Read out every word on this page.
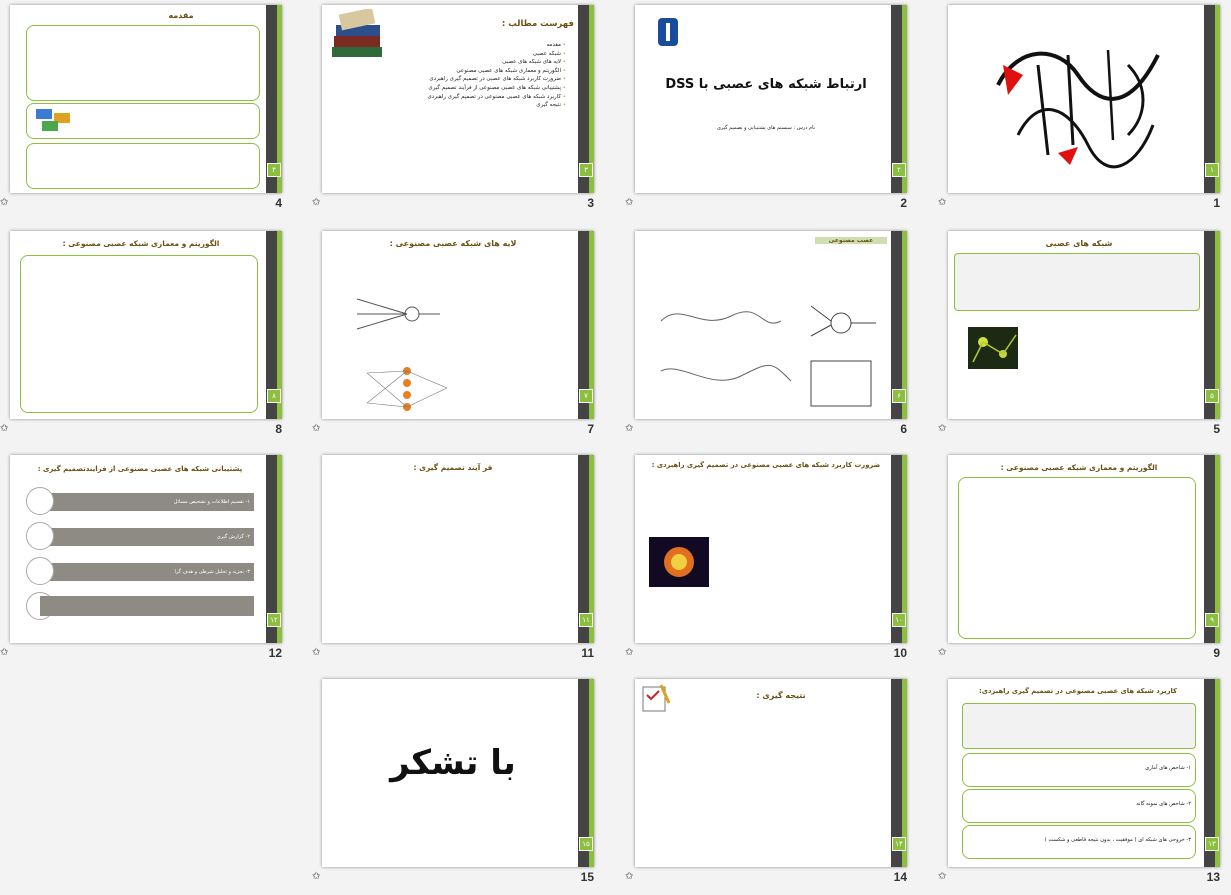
۱
✩	1
ارتباط شبکه های عصبی با DSS
نام درس : سیستم های پشتیبانی و تصمیم گیری
۲
✩	2
فهرست مطالب :
• مقدمه
• شبکه عصبی
• لایه های شبکه های عصبی
• الگوریتم و معماری شبکه های عصبی مصنوعی
• ضرورت کاربرد شبکه های عصبی در تصمیم گیری راهبردی
• پشتیبانی شبکه های عصبی مصنوعی از فرآیند تصمیم گیری
• کاربرد شبکه های عصبی مصنوعی در تصمیم گیری راهبردی
• نتیجه گیری
۳
✩	3
مقدمه
۴
✩	4
شبکه های عصبی
۵
✩	5
عصب مصنوعی
۶
✩	6
لایه های شبکه عصبی مصنوعی :
۷
✩	7
الگوریتم و معماری شبکه عصبی مصنوعی :
۸
✩	8
الگوریتم و معماری شبکه عصبی مصنوعی :
۹
✩	9
ضرورت کاربرد شبکه های عصبی مصنوعی در تصمیم گیری راهبردی :
۱۰
✩	10
فر آیند تصمیم گیری :
۱۱
✩	11
پشتیبانی شبکه های عصبی مصنوعی از فرایندتصمیم گیری :
۱- تقسیم اطلاعات و تشخیص مسائل
۲- گزارش گیری
۳- تجزیه و تحلیل شرطی و هدف گرا
۱۲
✩	12
کاربرد شبکه های عصبی مصنوعی در تصمیم گیری راهبردی:
۱- شاخص های آماری
۲- شاخص های نمونه گانه
۳- خروجی های شبکه ای ( موفقیت ، بدون نتیجه قاطعی و شکست )	۱۳
✩	13
نتیجه گیری :
۱۴
✩	14
با تشکر
۱۵
✩	15
